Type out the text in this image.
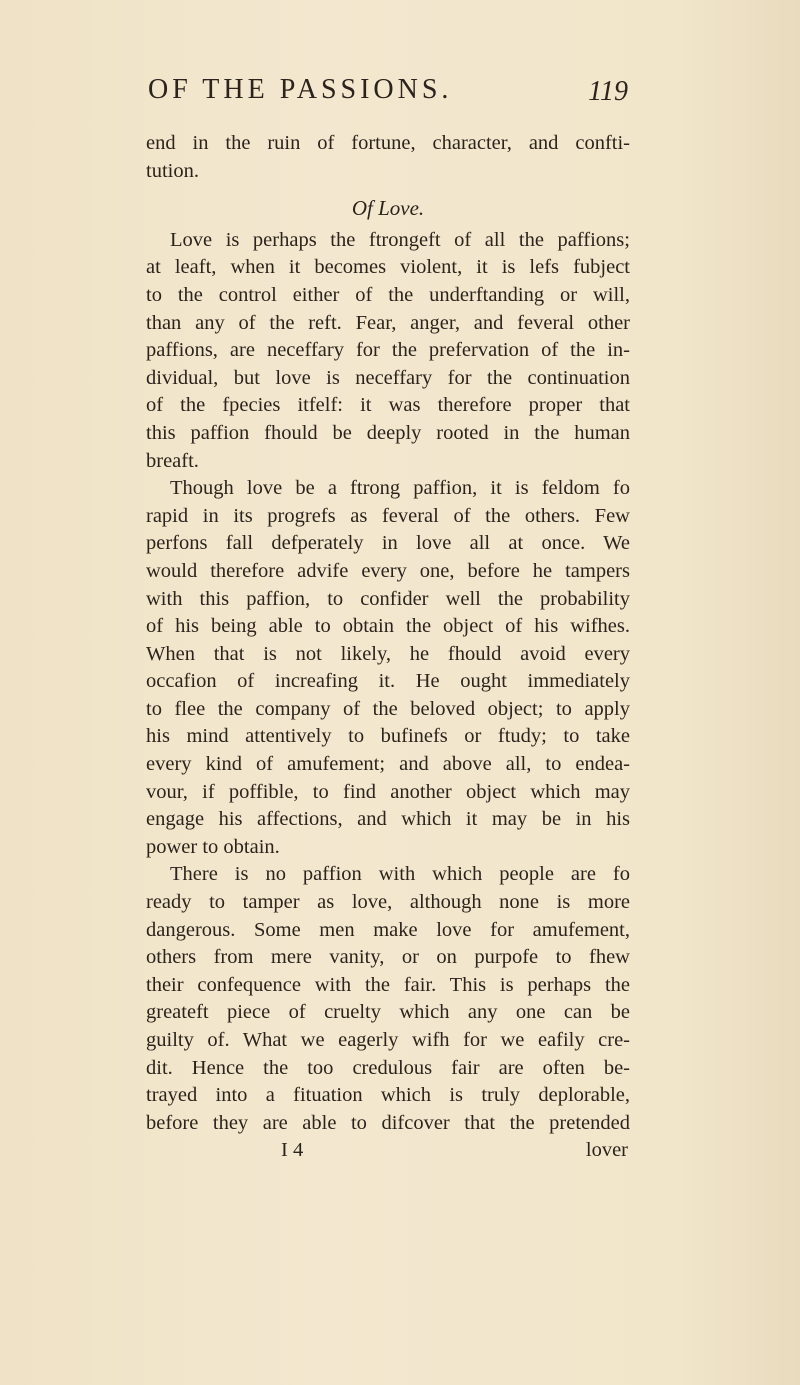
OF THE PASSIONS.	119
end in the ruin of fortune, character, and confti-
tution.
Of Love.
Love is perhaps the ftrongeft of all the paffions;
at leaft, when it becomes violent, it is lefs fubject
to the control either of the underftanding or will,
than any of the reft. Fear, anger, and feveral other
paffions, are neceffary for the prefervation of the in-
dividual, but love is neceffary for the continuation
of the fpecies itfelf: it was therefore proper that
this paffion fhould be deeply rooted in the human
breaft.
Though love be a ftrong paffion, it is feldom fo
rapid in its progrefs as feveral of the others. Few
perfons fall defperately in love all at once. We
would therefore advife every one, before he tampers
with this paffion, to confider well the probability
of his being able to obtain the object of his wifhes.
When that is not likely, he fhould avoid every
occafion of increafing it. He ought immediately
to flee the company of the beloved object; to apply
his mind attentively to bufinefs or ftudy; to take
every kind of amufement; and above all, to endea-
vour, if poffible, to find another object which may
engage his affections, and which it may be in his
power to obtain.
There is no paffion with which people are fo
ready to tamper as love, although none is more
dangerous. Some men make love for amufement,
others from mere vanity, or on purpofe to fhew
their confequence with the fair. This is perhaps the
greateft piece of cruelty which any one can be
guilty of. What we eagerly wifh for we eafily cre-
dit. Hence the too credulous fair are often be-
trayed into a fituation which is truly deplorable,
before they are able to difcover that the pretended
I 4	lover
